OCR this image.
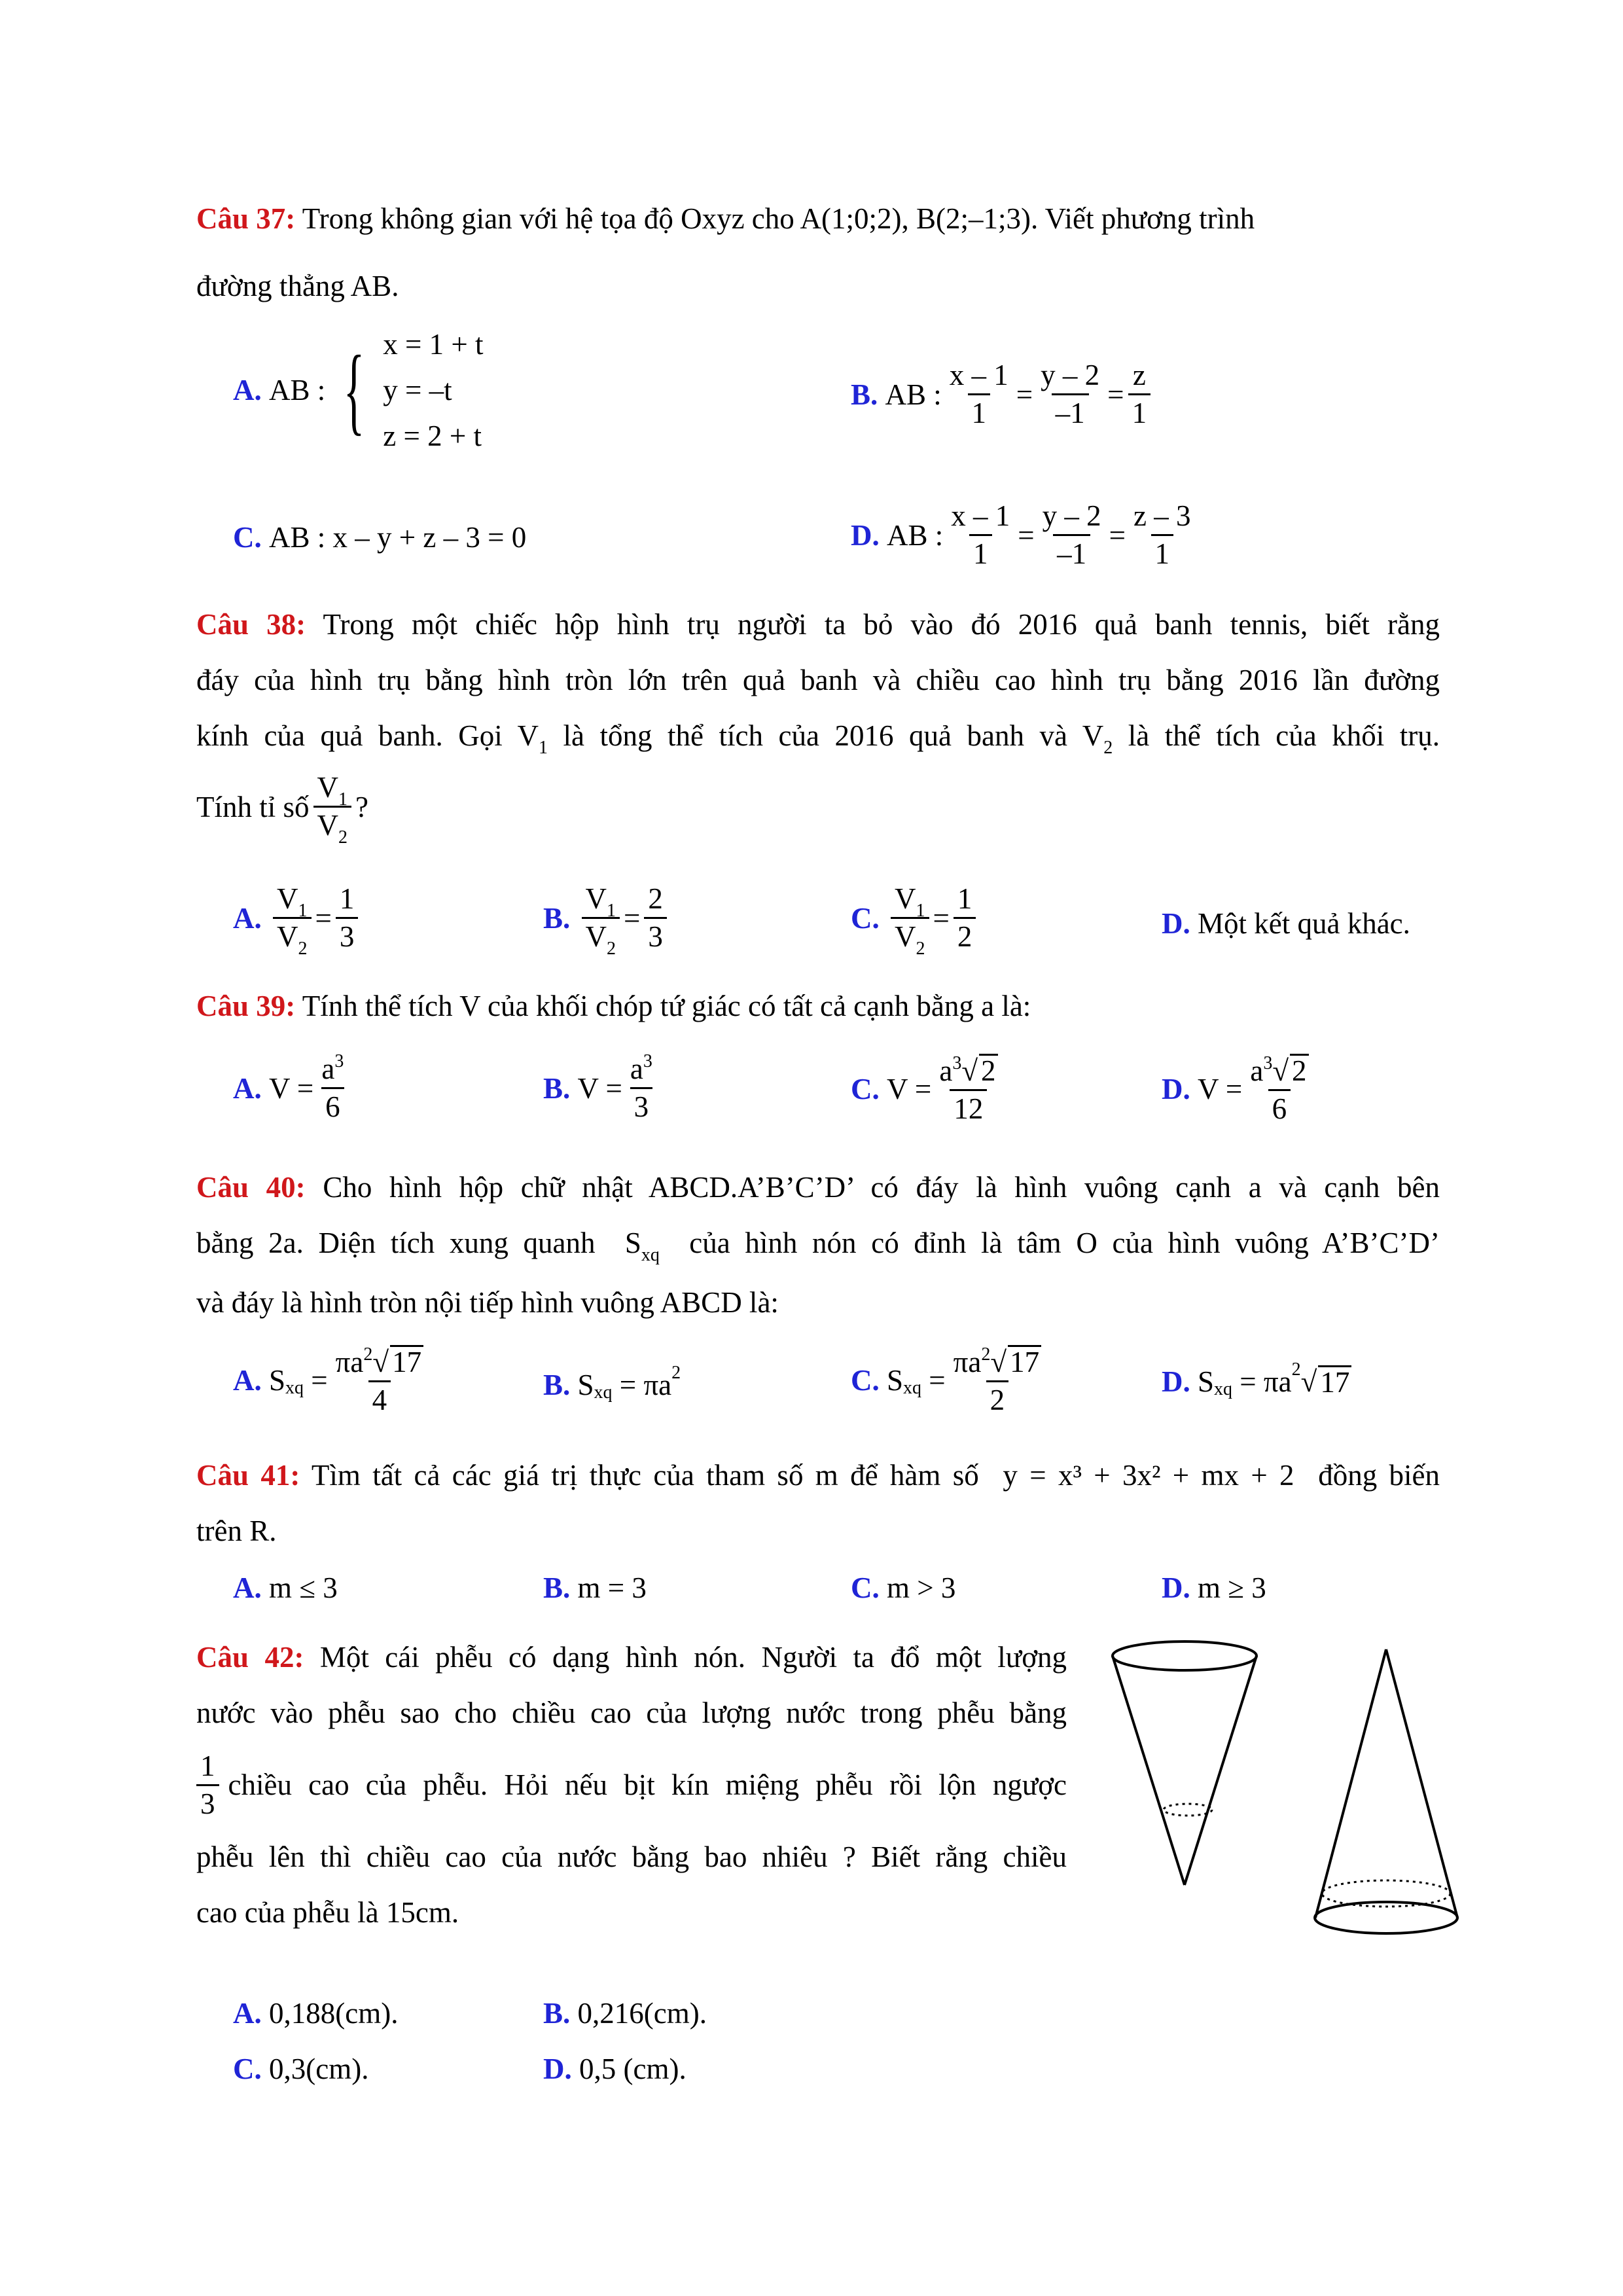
Câu 37: Trong không gian với hệ tọa độ Oxyz cho A(1;0;2), B(2;–1;3). Viết phương trình
đường thẳng AB.
A.
AB : { x = 1 + t
y = –t
z = 2 + t
B.
AB : $\frac{x - 1}{1} = \frac{y - 2}{-1} = \frac{z}{1}$
C.
AB : x – y + z – 3 = 0	D.
AB : $\frac{x - 1}{1} = \frac{y - 2}{-1} = \frac{z - 3}{1}$
Câu 38: Trong một chiếc hộp hình trụ người ta bỏ vào đó 2016 quả banh tennis, biết rằng
đáy của hình trụ bằng hình tròn lớn trên quả banh và chiều cao hình trụ bằng 2016 lần đường
kính của quả banh. Gọi $V_1$ là tổng thể tích của 2016 quả banh và $V_2$ là thể tích của khối trụ.
Tính tỉ số $\frac{V_1}{V_2}$ ?
A.
$\frac{V_1}{V_2} = \frac{1}{3}$	B.
$\frac{V_1}{V_2} = \frac{2}{3}$	C.
$\frac{V_1}{V_2} = \frac{1}{2}$	D.
Một kết quả khác.
Câu 39: Tính thể tích V của khối chóp tứ giác có tất cả cạnh bằng a là:
A. $V = \frac{a^3}{6}$	B. $V = \frac{a^3}{3}$	C. $V = \frac{a^3√ 2}{12}$	D. $V = \frac{a^3√ 2}{6}$
Câu 40: Cho hình hộp chữ nhật ABCD.A’B’C’D’ có đáy là hình vuông cạnh a và cạnh bên
bằng 2a. Diện tích xung quanh $S_{xq}$ của hình nón có đỉnh là tâm O của hình vuông A’B’C’D’
và đáy là hình tròn nội tiếp hình vuông ABCD là:
A. S xq = $\frac{\pi a^2√ 17}{4}$	B. S xq = πa 2	C. S xq = $\frac{\pi a^2√ 17}{2}$	D. S xq = πa 2 √ 17
Câu 41: Tìm tất cả các giá trị thực của tham số m để hàm số y = x³ + 3x² + mx + 2 đồng biến
trên R.
A.
m ≤ 3	B.
m = 3	C.
m > 3	D.
m ≥ 3
Câu 42: Một cái phễu có dạng hình nón. Người ta đổ một lượng
nước vào phễu sao cho chiều cao của lượng nước trong phễu bằng
$\frac{1}{3}$ chiều cao của phễu. Hỏi nếu bịt kín miệng phễu rồi lộn ngược
phễu lên thì chiều cao của nước bằng bao nhiêu ? Biết rằng chiều
cao của phễu là 15cm.
A.
0,188(cm).	B.
0,216(cm).
C.
0,3(cm).	D.
0,5 (cm).
